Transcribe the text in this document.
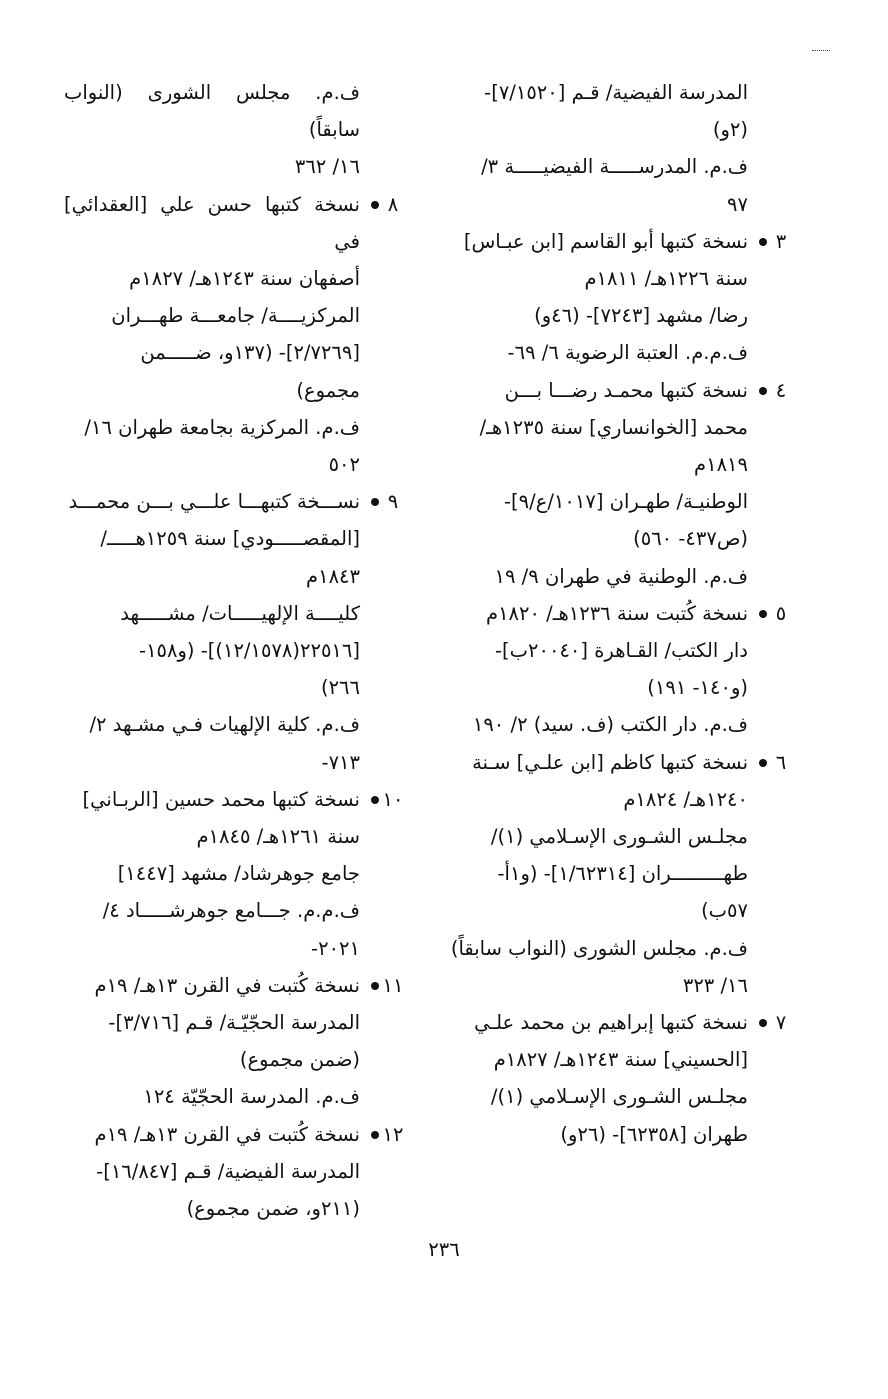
المدرسة الفيضية/ قـم [٧/١٥٢٠]-
(٢و)
ف.م. المدرســـــة الفيضيـــــة ٣/
٩٧
٣
نسخة كتبها أبو القاسم [ابن عبـاس]
سنة ١٢٢٦هـ/ ١٨١١م
رضا/ مشهد [٧٢٤٣]- (٤٦و)
ف.م.م. العتبة الرضوية ٦/ ٦٩-
٤
نسخة كتبها محمـد رضـــا بـــن
محمد [الخوانساري] سنة ١٢٣٥هـ/
١٨١٩م
الوطنيـة/ طهـران [١٠١٧/ع/٩]-
(ص٤٣٧- ٥٦٠)
ف.م. الوطنية في طهران ٩/ ١٩
٥
نسخة كُتبت سنة ١٢٣٦هـ/ ١٨٢٠م
دار الكتب/ القـاهرة [٢٠٠٤٠ب]-
(و١٤٠- ١٩١)
ف.م. دار الكتب (ف. سيد) ٢/ ١٩٠
٦
نسخة كتبها كاظم [ابن علـي] سـنة
١٢٤٠هـ/ ١٨٢٤م
مجلـس الشـورى الإسـلامي (١)/
طهـــــــــران [١/٦٢٣١٤]- (و١أ-
٥٧ب)
ف.م. مجلس الشورى (النواب سابقاً)
١٦/ ٣٢٣
٧
نسخة كتبها إبراهيم بن محمد علـي
[الحسيني] سنة ١٢٤٣هـ/ ١٨٢٧م
مجلـس الشـورى الإسـلامي (١)/
طهران [٦٢٣٥٨]- (٢٦و)
ف.م. مجلس الشورى (النواب سابقاً)
١٦/ ٣٦٢
٨
نسخة كتبها حسن علي [العقدائي] في
أصفهان سنة ١٢٤٣هـ/ ١٨٢٧م
المركزيــــة/ جامعـــة طهـــران
[٢/٧٢٦٩]- (١٣٧و، ضـــــمن
مجموع)
ف.م. المركزية بجامعة طهران ١٦/
٥٠٢
٩
نســـخة كتبهـــا علـــي بـــن محمـــد
[المقصـــــودي] سنة ١٢٥٩هـــــ/
١٨٤٣م
كليــــة الإلهيـــــات/ مشـــــهد
[٢٢٥١٦(١٢/١٥٧٨)]- (و١٥٨-
٢٦٦)
ف.م. كلية الإلهيات فـي مشـهد ٢/
٧١٣-
١٠
نسخة كتبها محمد حسين [الربـاني]
سنة ١٢٦١هـ/ ١٨٤٥م
جامع جوهرشاد/ مشهد [١٤٤٧]
ف.م.م. جـــامع جوهرشـــــاد ٤/
٢٠٢١-
١١
نسخة كُتبت في القرن ١٣هـ/ ١٩م
المدرسة الحجّيّـة/ قـم [٣/٧١٦]-
(ضمن مجموع)
ف.م. المدرسة الحجّيّة ١٢٤
١٢
نسخة كُتبت في القرن ١٣هـ/ ١٩م
المدرسة الفيضية/ قـم [١٦/٨٤٧]-
(٢١١و، ضمن مجموع)
٢٣٦
